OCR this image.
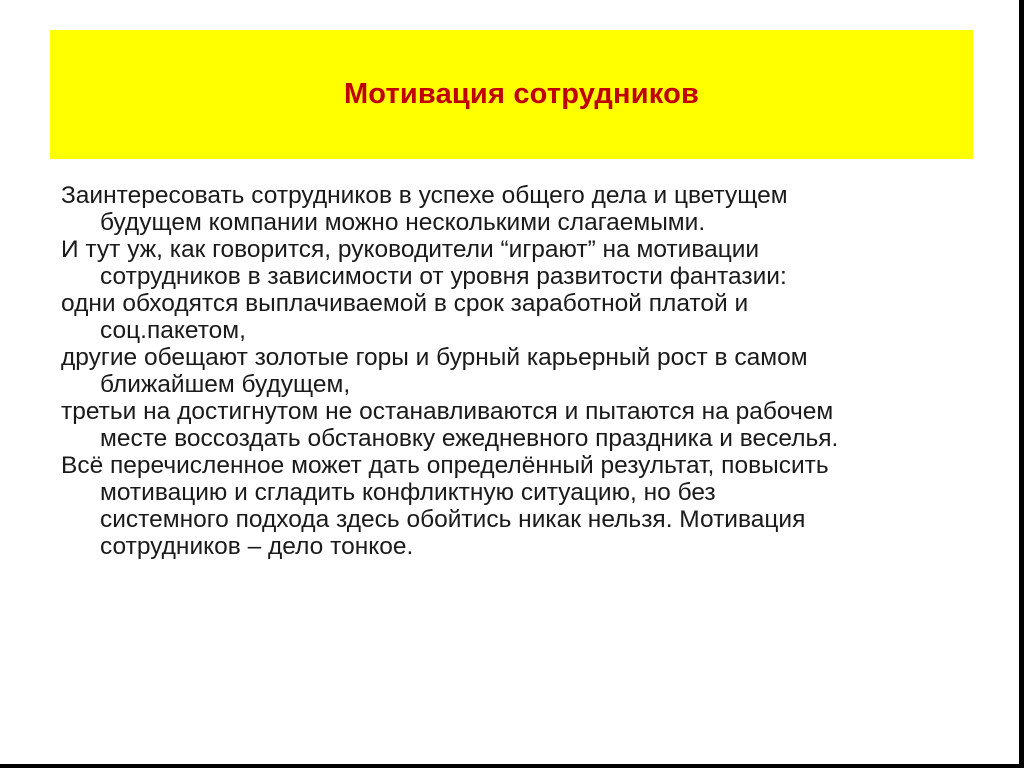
Мотивация сотрудников

Заинтересовать сотрудников в успехе общего дела и цветущем
будущем компании можно несколькими слагаемыми.

И тут уж, как говорится, руководители “играют” на мотивации
сотрудников в зависимости от уровня развитости фантазии:

одни обходятся выплачиваемой в срок заработной платой и
соц.пакетом,

другие обещают золотые горы и бурный карьерный рост в самом
ближайшем будущем,

третьи на достигнутом не останавливаются и пытаются на рабочем
месте воссоздать обстановку ежедневного праздника и веселья.

Всё перечисленное может дать определённый результат, повысить
мотивацию и сгладить конфликтную ситуацию, но без
системного подхода здесь обойтись никак нельзя. Мотивация
сотрудников – дело тонкое.
